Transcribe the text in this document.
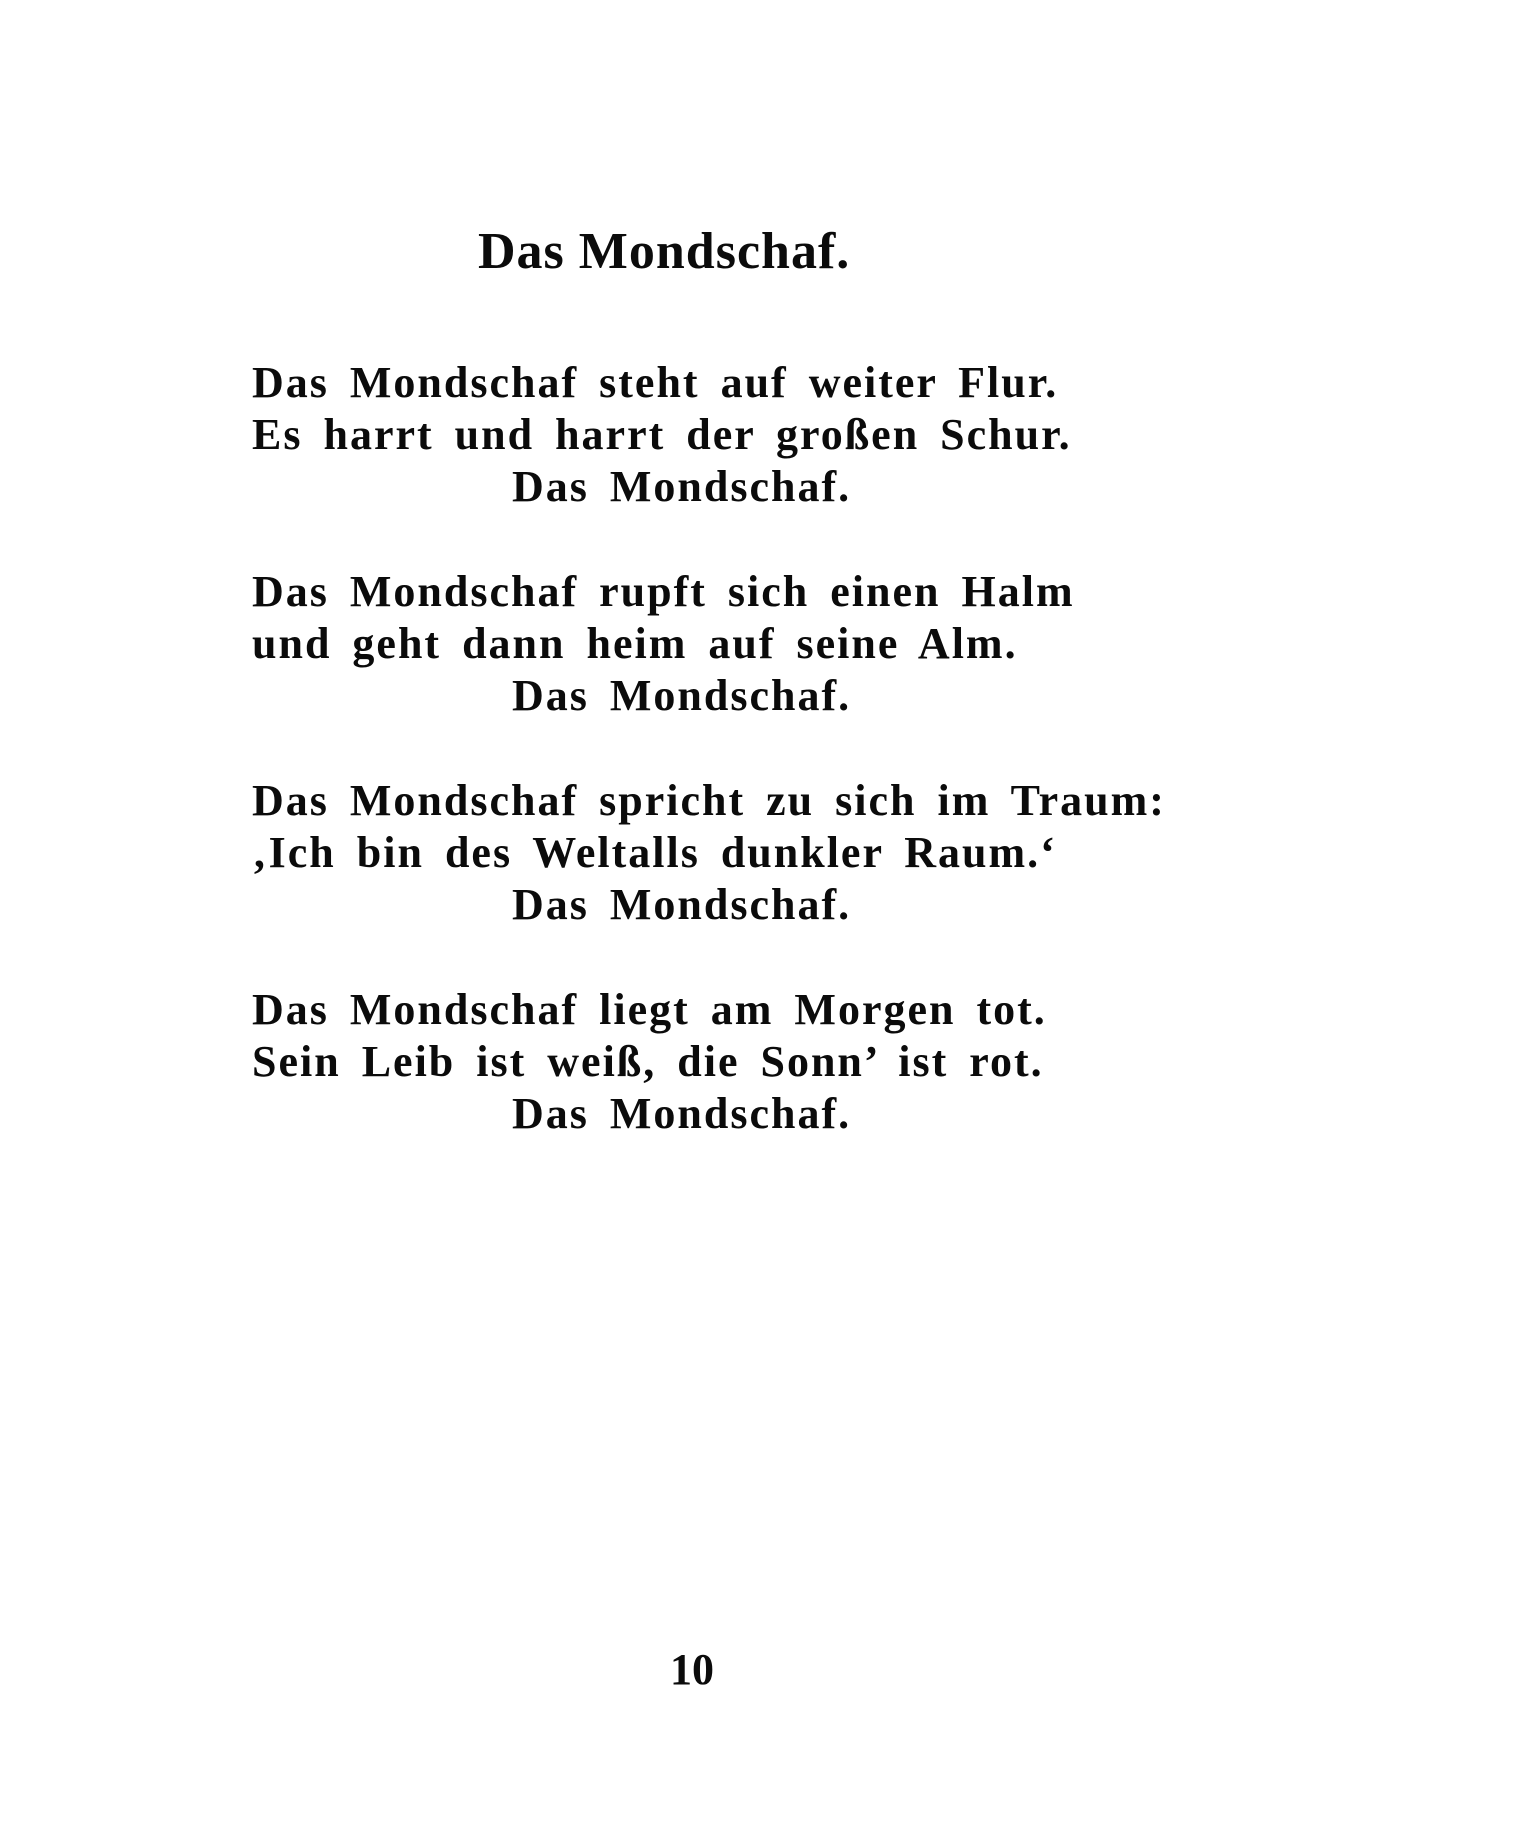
Das Mondschaf.
Das Mondschaf steht auf weiter Flur.
Es harrt und harrt der großen Schur.
Das Mondschaf.
Das Mondschaf rupft sich einen Halm
und geht dann heim auf seine Alm.
Das Mondschaf.
Das Mondschaf spricht zu sich im Traum:
‚Ich bin des Weltalls dunkler Raum.‘
Das Mondschaf.
Das Mondschaf liegt am Morgen tot.
Sein Leib ist weiß, die Sonn’ ist rot.
Das Mondschaf.
10
